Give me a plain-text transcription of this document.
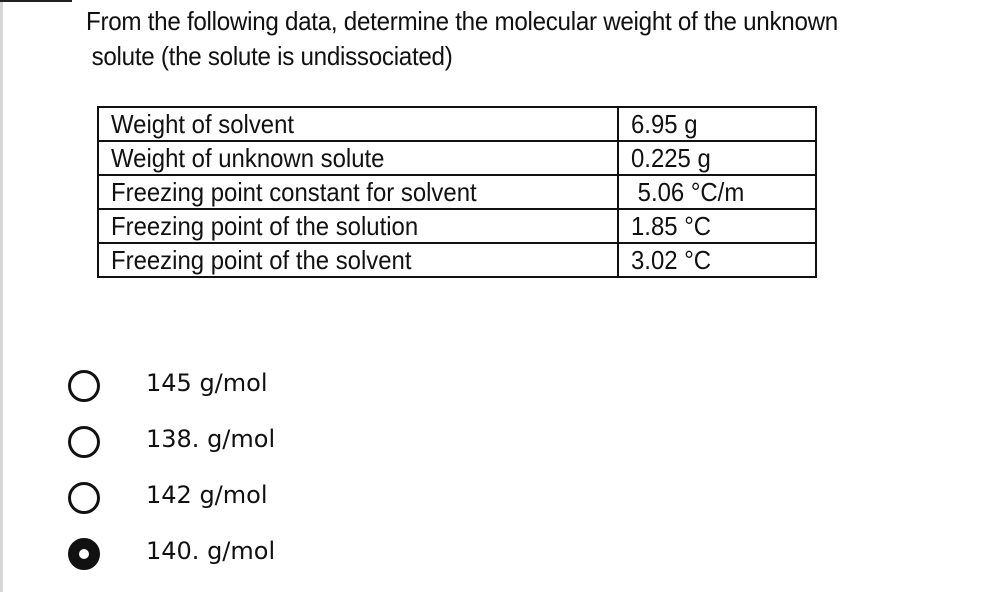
From the following data, determine the molecular weight of the unknown
solute (the solute is undissociated)
Weight of solvent	6.95 g
Weight of unknown solute	0.225 g
Freezing point constant for solvent	5.06 °C/m
Freezing point of the solution	1.85 °C
Freezing point of the solvent	3.02 °C
145 g/mol
138. g/mol
142 g/mol
140. g/mol
